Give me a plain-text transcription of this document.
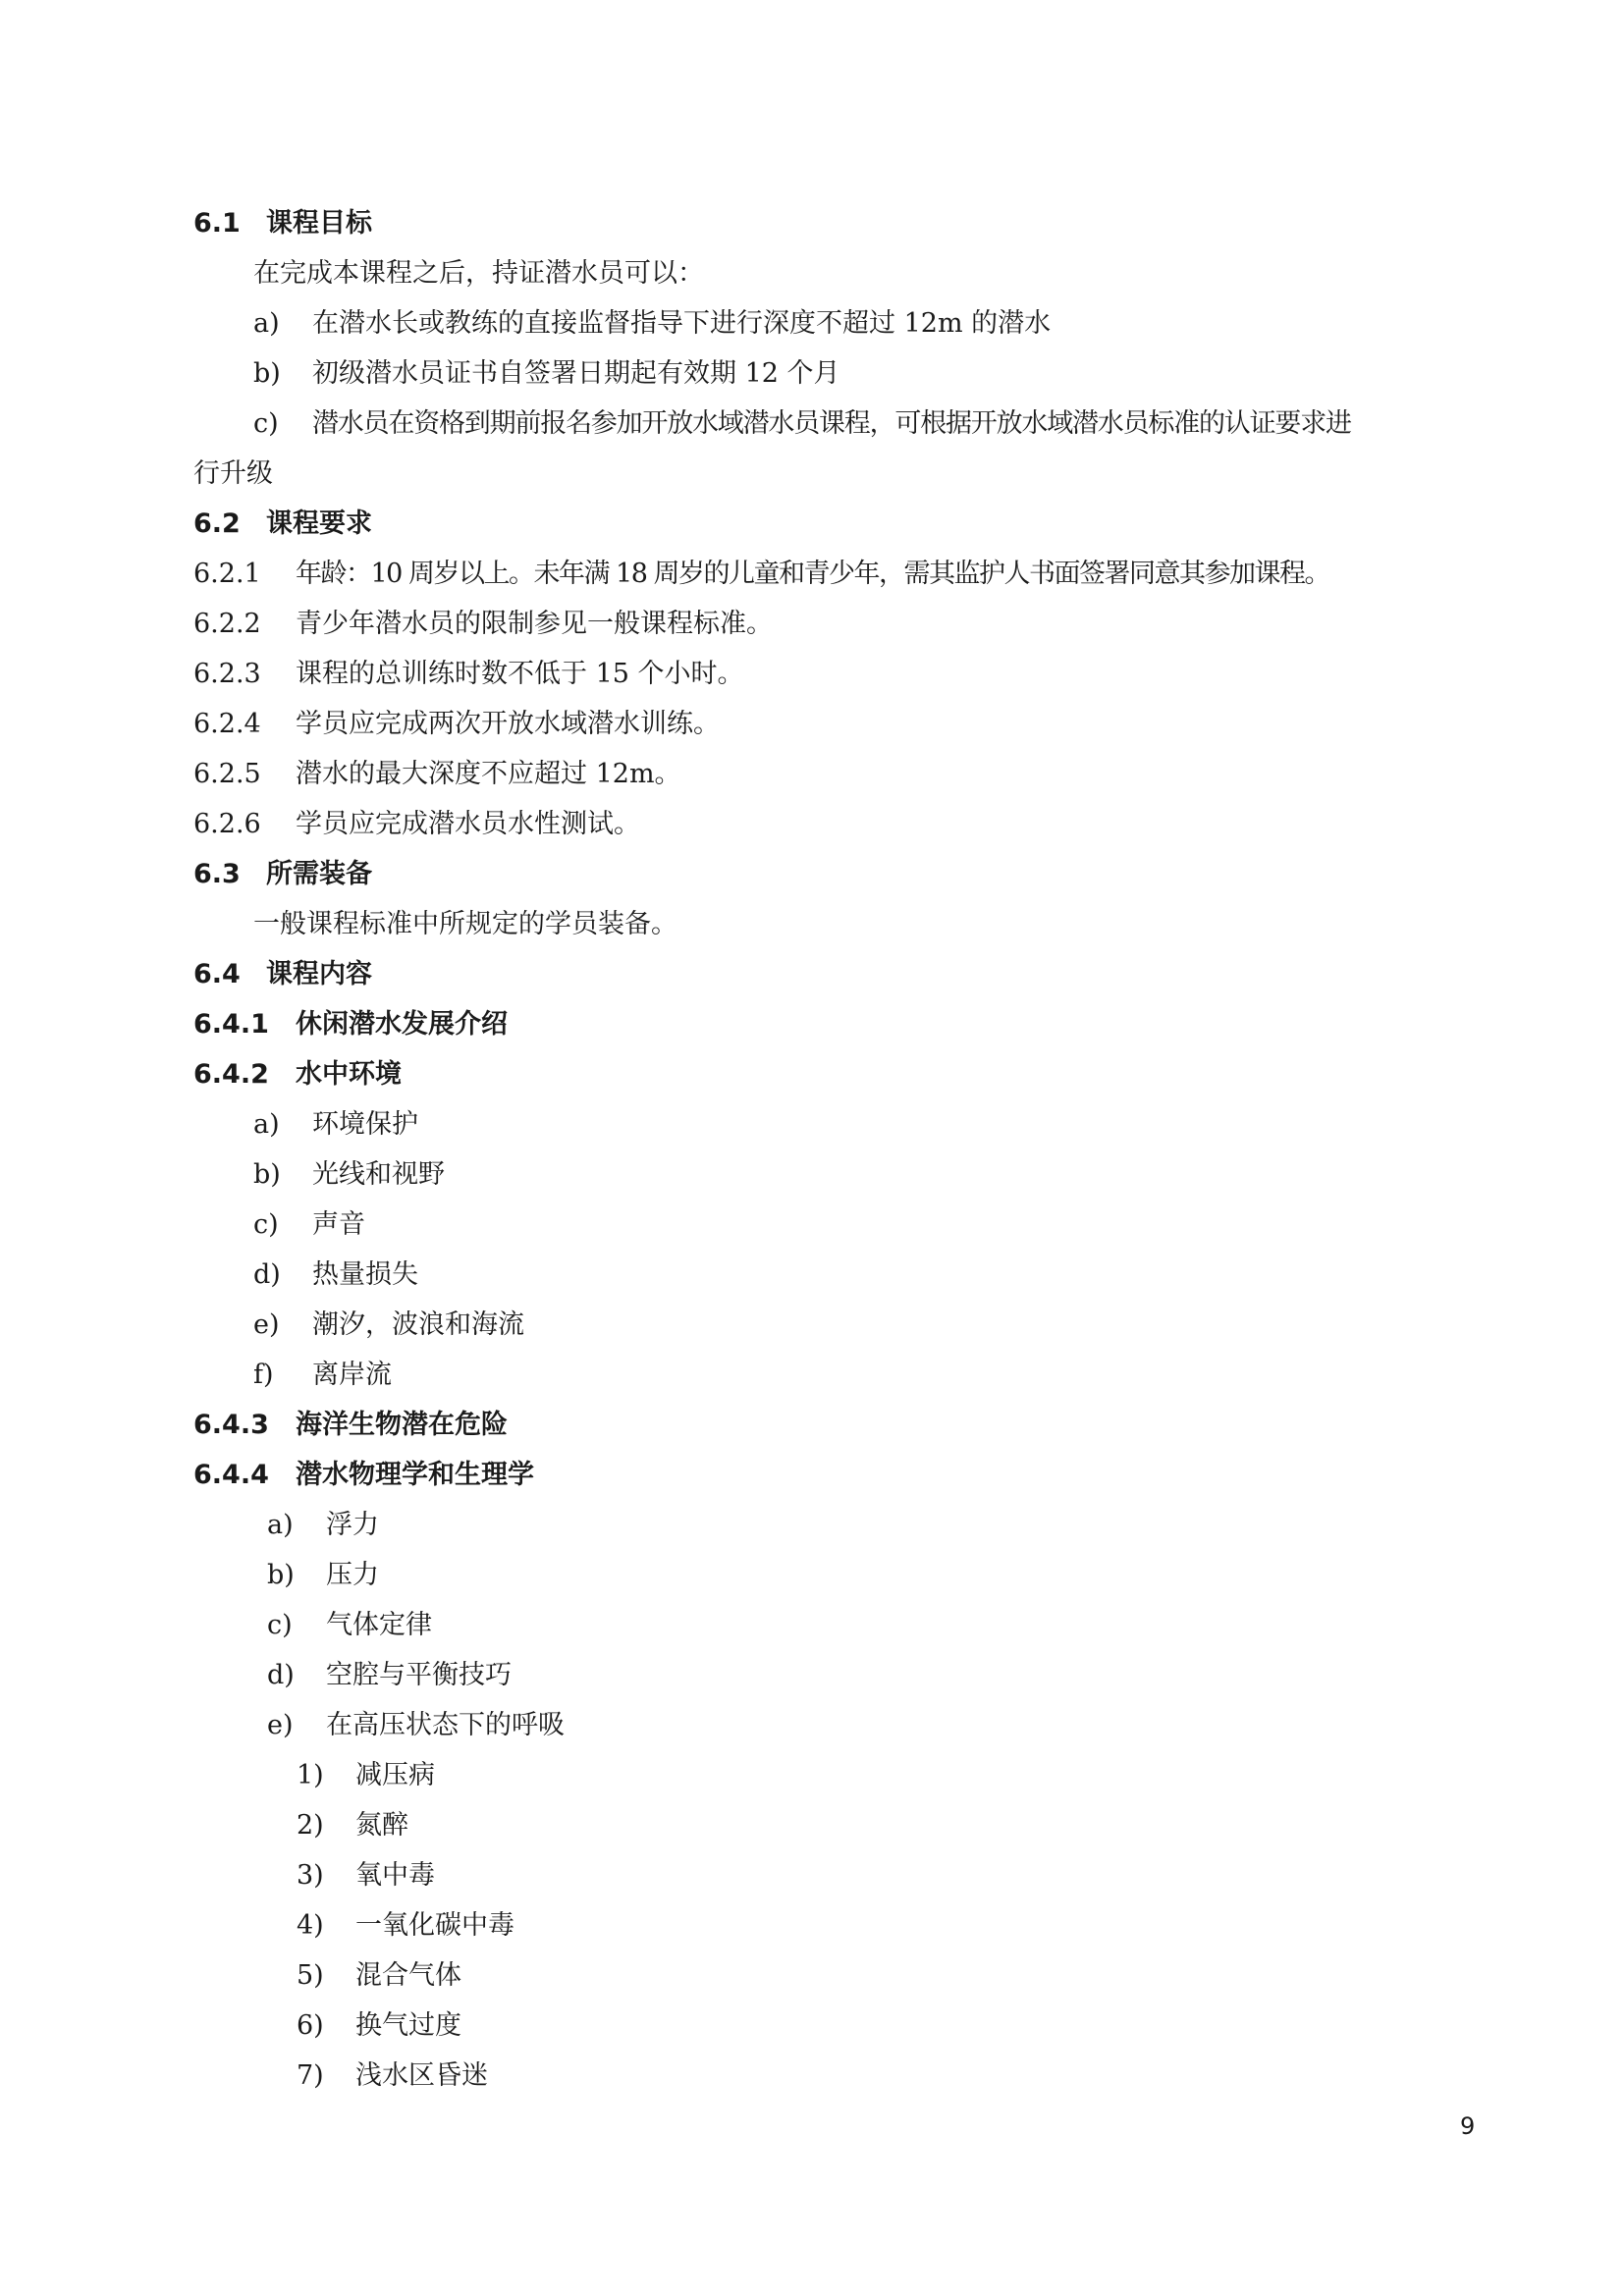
6.1 课程目标
在完成本课程之后，持证潜水员可以：
a) 在潜水长或教练的直接监督指导下进行深度不超过 12m 的潜水
b) 初级潜水员证书自签署日期起有效期 12 个月
c) 潜水员在资格到期前报名参加开放水域潜水员课程，可根据开放水域潜水员标准的认证要求进
行升级
6.2 课程要求
6.2.1 年龄：10 周岁以上。未年满 18 周岁的儿童和青少年，需其监护人书面签署同意其参加课程。
6.2.2 青少年潜水员的限制参见一般课程标准。
6.2.3 课程的总训练时数不低于 15 个小时。
6.2.4 学员应完成两次开放水域潜水训练。
6.2.5 潜水的最大深度不应超过 12m。
6.2.6 学员应完成潜水员水性测试。
6.3 所需装备
一般课程标准中所规定的学员装备。
6.4 课程内容
6.4.1 休闲潜水发展介绍
6.4.2 水中环境
a) 环境保护
b) 光线和视野
c) 声音
d) 热量损失
e) 潮汐，波浪和海流
f) 离岸流
6.4.3 海洋生物潜在危险
6.4.4 潜水物理学和生理学
a) 浮力
b) 压力
c) 气体定律
d) 空腔与平衡技巧
e) 在高压状态下的呼吸
1) 减压病
2) 氮醉
3) 氧中毒
4) 一氧化碳中毒
5) 混合气体
6) 换气过度
7) 浅水区昏迷
9
